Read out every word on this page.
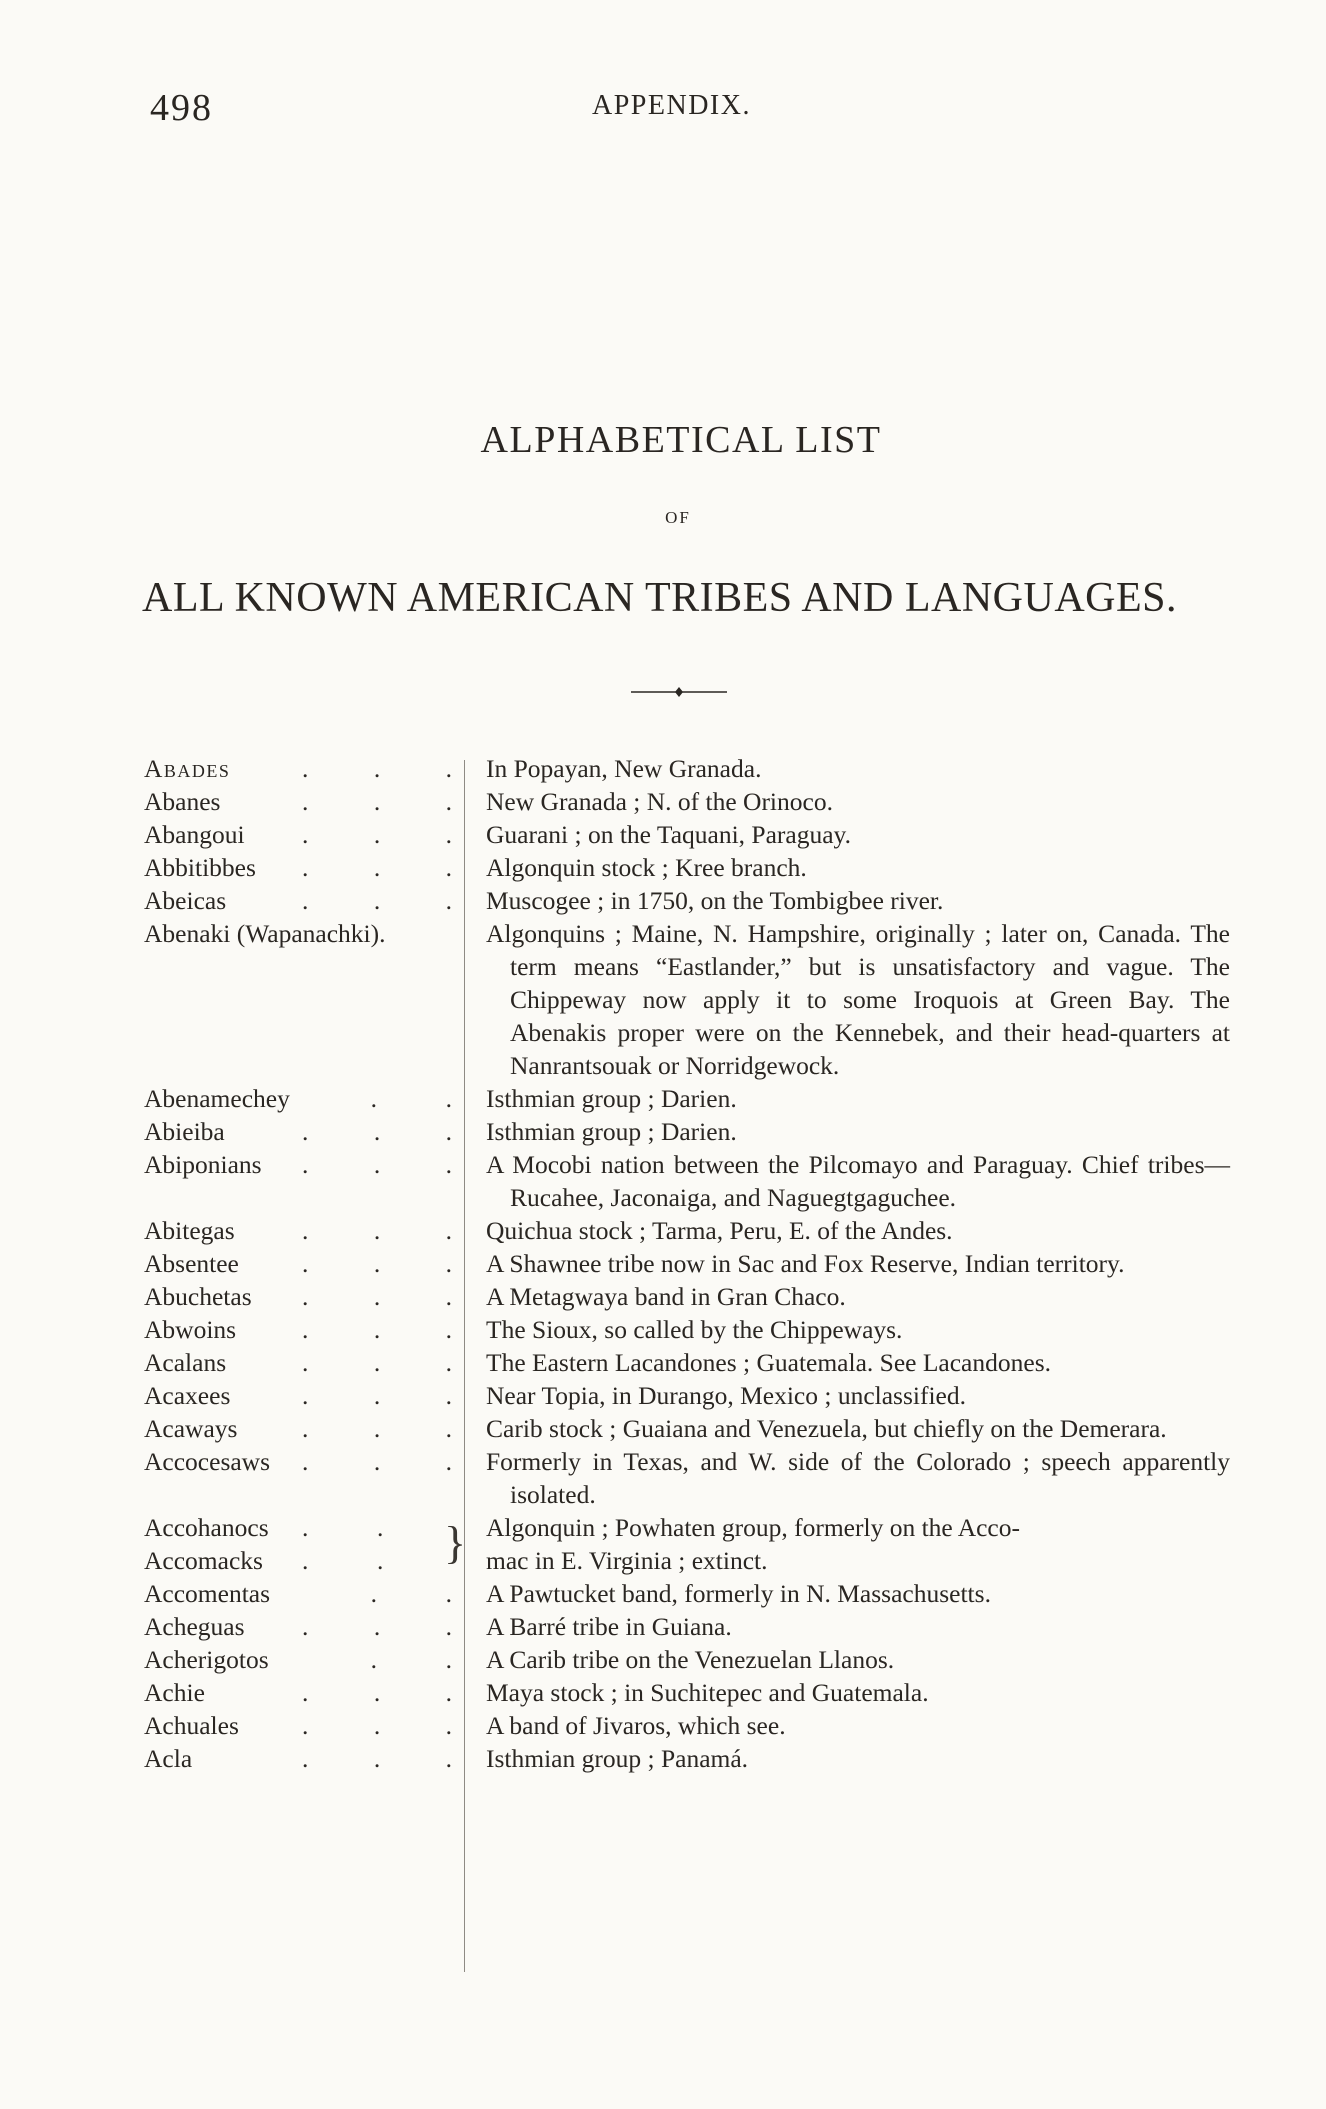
498	APPENDIX.
ALPHABETICAL LIST
OF
ALL KNOWN AMERICAN TRIBES AND LANGUAGES.
Abades	.	.	. In Popayan, New Granada.
Abanes	.	.	. New Granada ; N. of the Orinoco.
Abangoui .	.	. Guarani ; on the Taquani, Paraguay.
Abbitibbes .	.	. Algonquin stock ; Kree branch.
Abeicas	.	.	. Muscogee ; in 1750, on the Tombigbee river.
Abenaki (Wapanachki).	Algonquins ; Maine, N. Hampshire, originally ; later on, Canada. The term means “Eastlander,” but is unsatisfactory and vague. The Chippeway now apply it to some Iroquois at Green Bay. The Abenakis proper were on the Kennebek, and their head-quarters at Nanrantsouak or Norridgewock.
Abenamechey	.	. Isthmian group ; Darien.
Abieiba	.	.	. Isthmian group ; Darien.
Abiponians .	.	. A Mocobi nation between the Pilcomayo and Paraguay. Chief tribes—Rucahee, Jaconaiga, and Naguegtgaguchee.
Abitegas	.	.	. Quichua stock ; Tarma, Peru, E. of the Andes.
Absentee .	.	. A Shawnee tribe now in Sac and Fox Reserve, Indian territory.
Abuchetas .	.	. A Metagwaya band in Gran Chaco.
Abwoins	.	.	. The Sioux, so called by the Chippeways.
Acalans	.	.	. The Eastern Lacandones ; Guatemala. See Lacandones.
Acaxees	.	.	. Near Topia, in Durango, Mexico ; unclassified.
Acaways	.	.	. Carib stock ; Guaiana and Venezuela, but chiefly on the Demerara.
Accocesaws .	.	. Formerly in Texas, and W. side of the Colorado ; speech apparently isolated.
Accohanocs .	. } Algonquin ; Powhaten group, formerly on the Acco-
Accomacks .	.	mac in E. Virginia ; extinct.
Accomentas	.	. A Pawtucket band, formerly in N. Massachusetts.
Acheguas .	.	. A Barré tribe in Guiana.
Acherigotos	.	. A Carib tribe on the Venezuelan Llanos.
Achie	.	.	. Maya stock ; in Suchitepec and Guatemala.
Achuales .	.	. A band of Jivaros, which see.
Acla	.	.	. Isthmian group ; Panamá.
